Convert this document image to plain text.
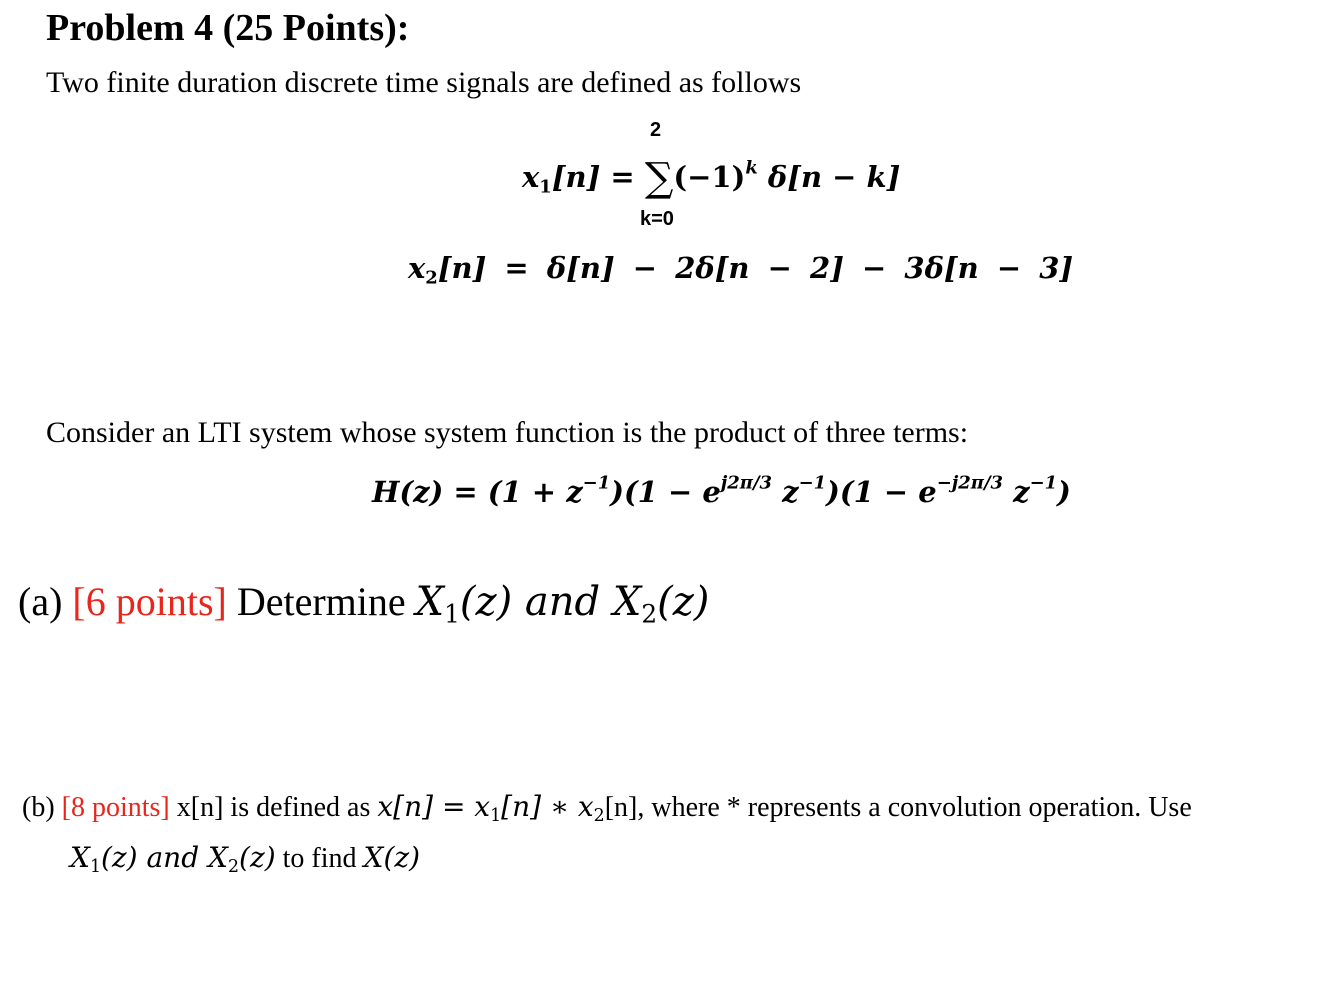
Problem 4 (25 Points):
Two finite duration discrete time signals are defined as follows
2
$x_1[n] = \sum(-1)^k$ δ[n − k]
k=0
$x_2[n] = \delta[n] - 2\delta[n - 2] - 3\delta[n - 3]$
Consider an LTI system whose system function is the product of three terms:
$H(z) = (1 + z^{-1})(1 - e^{j2\pi/3}$ $z^{-1})(1 - e^{-j2\pi/3}$ $z^{-1}$)
(a) [6 points] Determine $X_1(z)$ and $X_2(z)$
(b) [8 points] x[n] is defined as $x[n] = x_1[n]$ ∗ $x_2[n]$, where * represents a convolution operation. Use
$X_1(z)$ and $X_2(z)$ to find X(z)
